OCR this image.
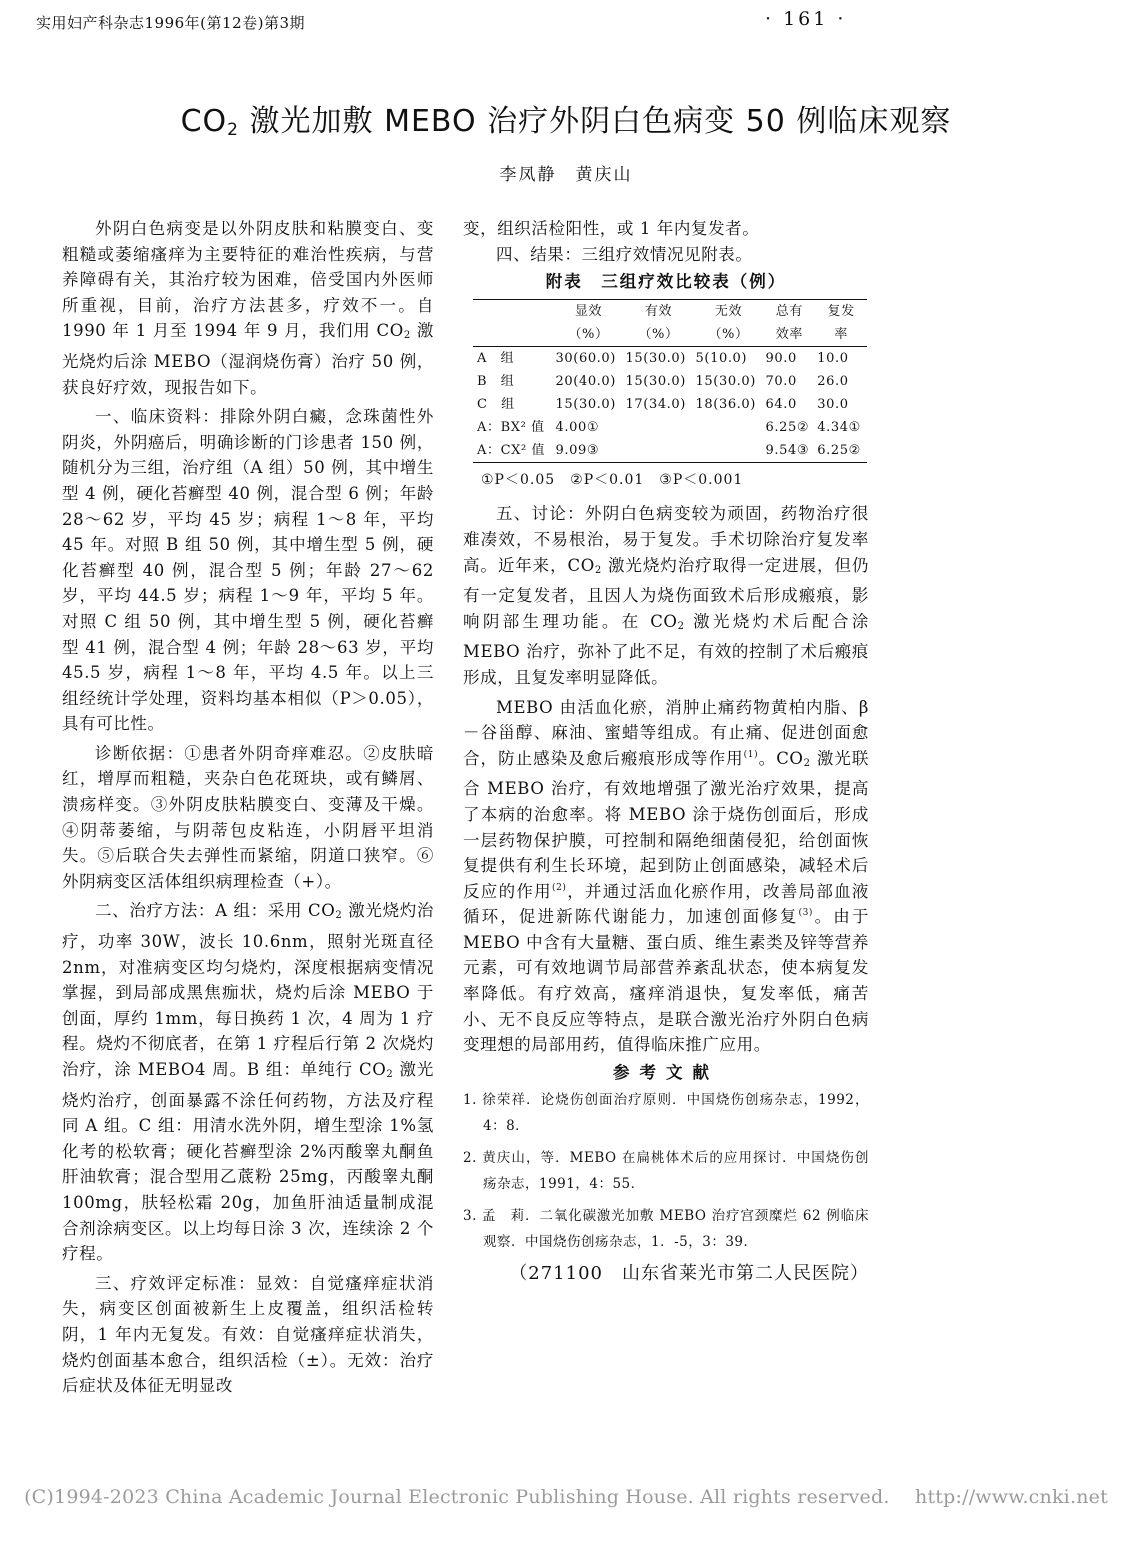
实用妇产科杂志1996年(第12卷)第3期	· 161 ·
$CO_2$ 激光加敷 MEBO 治疗外阴白色病变 50 例临床观察
李凤静　黄庆山

外阴白色病变是以外阴皮肤和粘膜变白、变粗糙或萎缩瘙痒为主要特征的难治性疾病，与营养障碍有关，其治疗较为困难，倍受国内外医师所重视，目前，治疗方法甚多，疗效不一。自 1990 年 1 月至 1994 年 9 月，我们用 $CO_2$ 激光烧灼后涂 MEBO（湿润烧伤膏）治疗 50 例，获良好疗效，现报告如下。

一、临床资料：排除外阴白癜，念珠菌性外阴炎，外阴癌后，明确诊断的门诊患者 150 例，随机分为三组，治疗组（A 组）50 例，其中增生型 4 例，硬化苔癣型 40 例，混合型 6 例；年龄 28～62 岁，平均 45 岁；病程 1～8 年，平均 45 年。对照 B 组 50 例，其中增生型 5 例，硬化苔癣型 40 例，混合型 5 例；年龄 27～62 岁，平均 44.5 岁；病程 1～9 年，平均 5 年。对照 C 组 50 例，其中增生型 5 例，硬化苔癣型 41 例，混合型 4 例；年龄 28～63 岁，平均 45.5 岁，病程 1～8 年，平均 4.5 年。以上三组经统计学处理，资料均基本相似（P＞0.05），具有可比性。

诊断依据：①患者外阴奇痒难忍。②皮肤暗红，增厚而粗糙，夹杂白色花斑块，或有鳞屑、溃疡样变。③外阴皮肤粘膜变白、变薄及干燥。④阴蒂萎缩，与阴蒂包皮粘连，小阴唇平坦消失。⑤后联合失去弹性而紧缩，阴道口狭窄。⑥外阴病变区活体组织病理检查（+）。

二、治疗方法：A 组：采用 $CO_2$ 激光烧灼治疗，功率 30W，波长 10.6nm，照射光斑直径 2nm，对准病变区均匀烧灼，深度根据病变情况掌握，到局部成黑焦痂状，烧灼后涂 MEBO 于创面，厚约 1mm，每日换药 1 次，4 周为 1 疗程。烧灼不彻底者，在第 1 疗程后行第 2 次烧灼治疗，涂 MEBO4 周。B 组：单纯行 $CO_2$ 激光烧灼治疗，创面暴露不涂任何药物，方法及疗程同 A 组。C 组：用清水洗外阴，增生型涂 1%氢化考的松软膏；硬化苔癣型涂 2%丙酸睾丸酮鱼肝油软膏；混合型用乙菧粉 25mg，丙酸睾丸酮 100mg，肤轻松霜 20g，加鱼肝油适量制成混合剂涂病变区。以上均每日涂 3 次，连续涂 2 个疗程。

三、疗效评定标准：显效：自觉瘙痒症状消失，病变区创面被新生上皮覆盖，组织活检转阴，1 年内无复发。有效：自觉瘙痒症状消失，烧灼创面基本愈合，组织活检（±）。无效：治疗后症状及体征无明显改

变，组织活检阳性，或 1 年内复发者。

四、结果：三组疗效情况见附表。

附表　三组疗效比较表（例）
	显效	有效	无效	总有	复发
	（%）	（%）	（%）	效率	率
A　组	30(60.0)	15(30.0)	5(10.0)	90.0	10.0
B　组	20(40.0)	15(30.0)	15(30.0)	70.0	26.0
C　组	15(30.0)	17(34.0)	18(36.0)	64.0	30.0
A：BX² 值	4.00①			6.25②	4.34①
A：CX² 值	9.09③			9.54③	6.25②
①P＜0.05　②P＜0.01　③P＜0.001

五、讨论：外阴白色病变较为顽固，药物治疗很难凑效，不易根治，易于复发。手术切除治疗复发率高。近年来，$CO_2$ 激光烧灼治疗取得一定进展，但仍有一定复发者，且因人为烧伤面致术后形成瘢痕，影响阴部生理功能。在 $CO_2$ 激光烧灼术后配合涂 MEBO 治疗，弥补了此不足，有效的控制了术后瘢痕形成，且复发率明显降低。

MEBO 由活血化瘀，消肿止痛药物黄柏内脂、β－谷甾醇、麻油、蜜蜡等组成。有止痛、促进创面愈合，防止感染及愈后瘢痕形成等作用$^{(1)}$。$CO_2$ 激光联合 MEBO 治疗，有效地增强了激光治疗效果，提高了本病的治愈率。将 MEBO 涂于烧伤创面后，形成一层药物保护膜，可控制和隔绝细菌侵犯，给创面恢复提供有利生长环境，起到防止创面感染，减轻术后反应的作用$^{(2)}$，并通过活血化瘀作用，改善局部血液循环，促进新陈代谢能力，加速创面修复$^{(3)}$。由于 MEBO 中含有大量糖、蛋白质、维生素类及锌等营养元素，可有效地调节局部营养紊乱状态，使本病复发率降低。有疗效高，瘙痒消退快，复发率低，痛苦小、无不良反应等特点，是联合激光治疗外阴白色病变理想的局部用药，值得临床推广应用。

参考文献
1. 徐荣祥．论烧伤创面治疗原则．中国烧伤创疡杂志，1992，4：8．
2. 黄庆山，等．MEBO 在扁桃体术后的应用探讨．中国烧伤创疡杂志，1991，4：55．
3. 孟　莉．二氧化碳激光加敷 MEBO 治疗宫颈糜烂 62 例临床观察．中国烧伤创疡杂志，1．-5，3：39．
（271100　山东省莱光市第二人民医院）
(C)1994-2023 China Academic Journal Electronic Publishing House. All rights reserved.　 http://www.cnki.net
